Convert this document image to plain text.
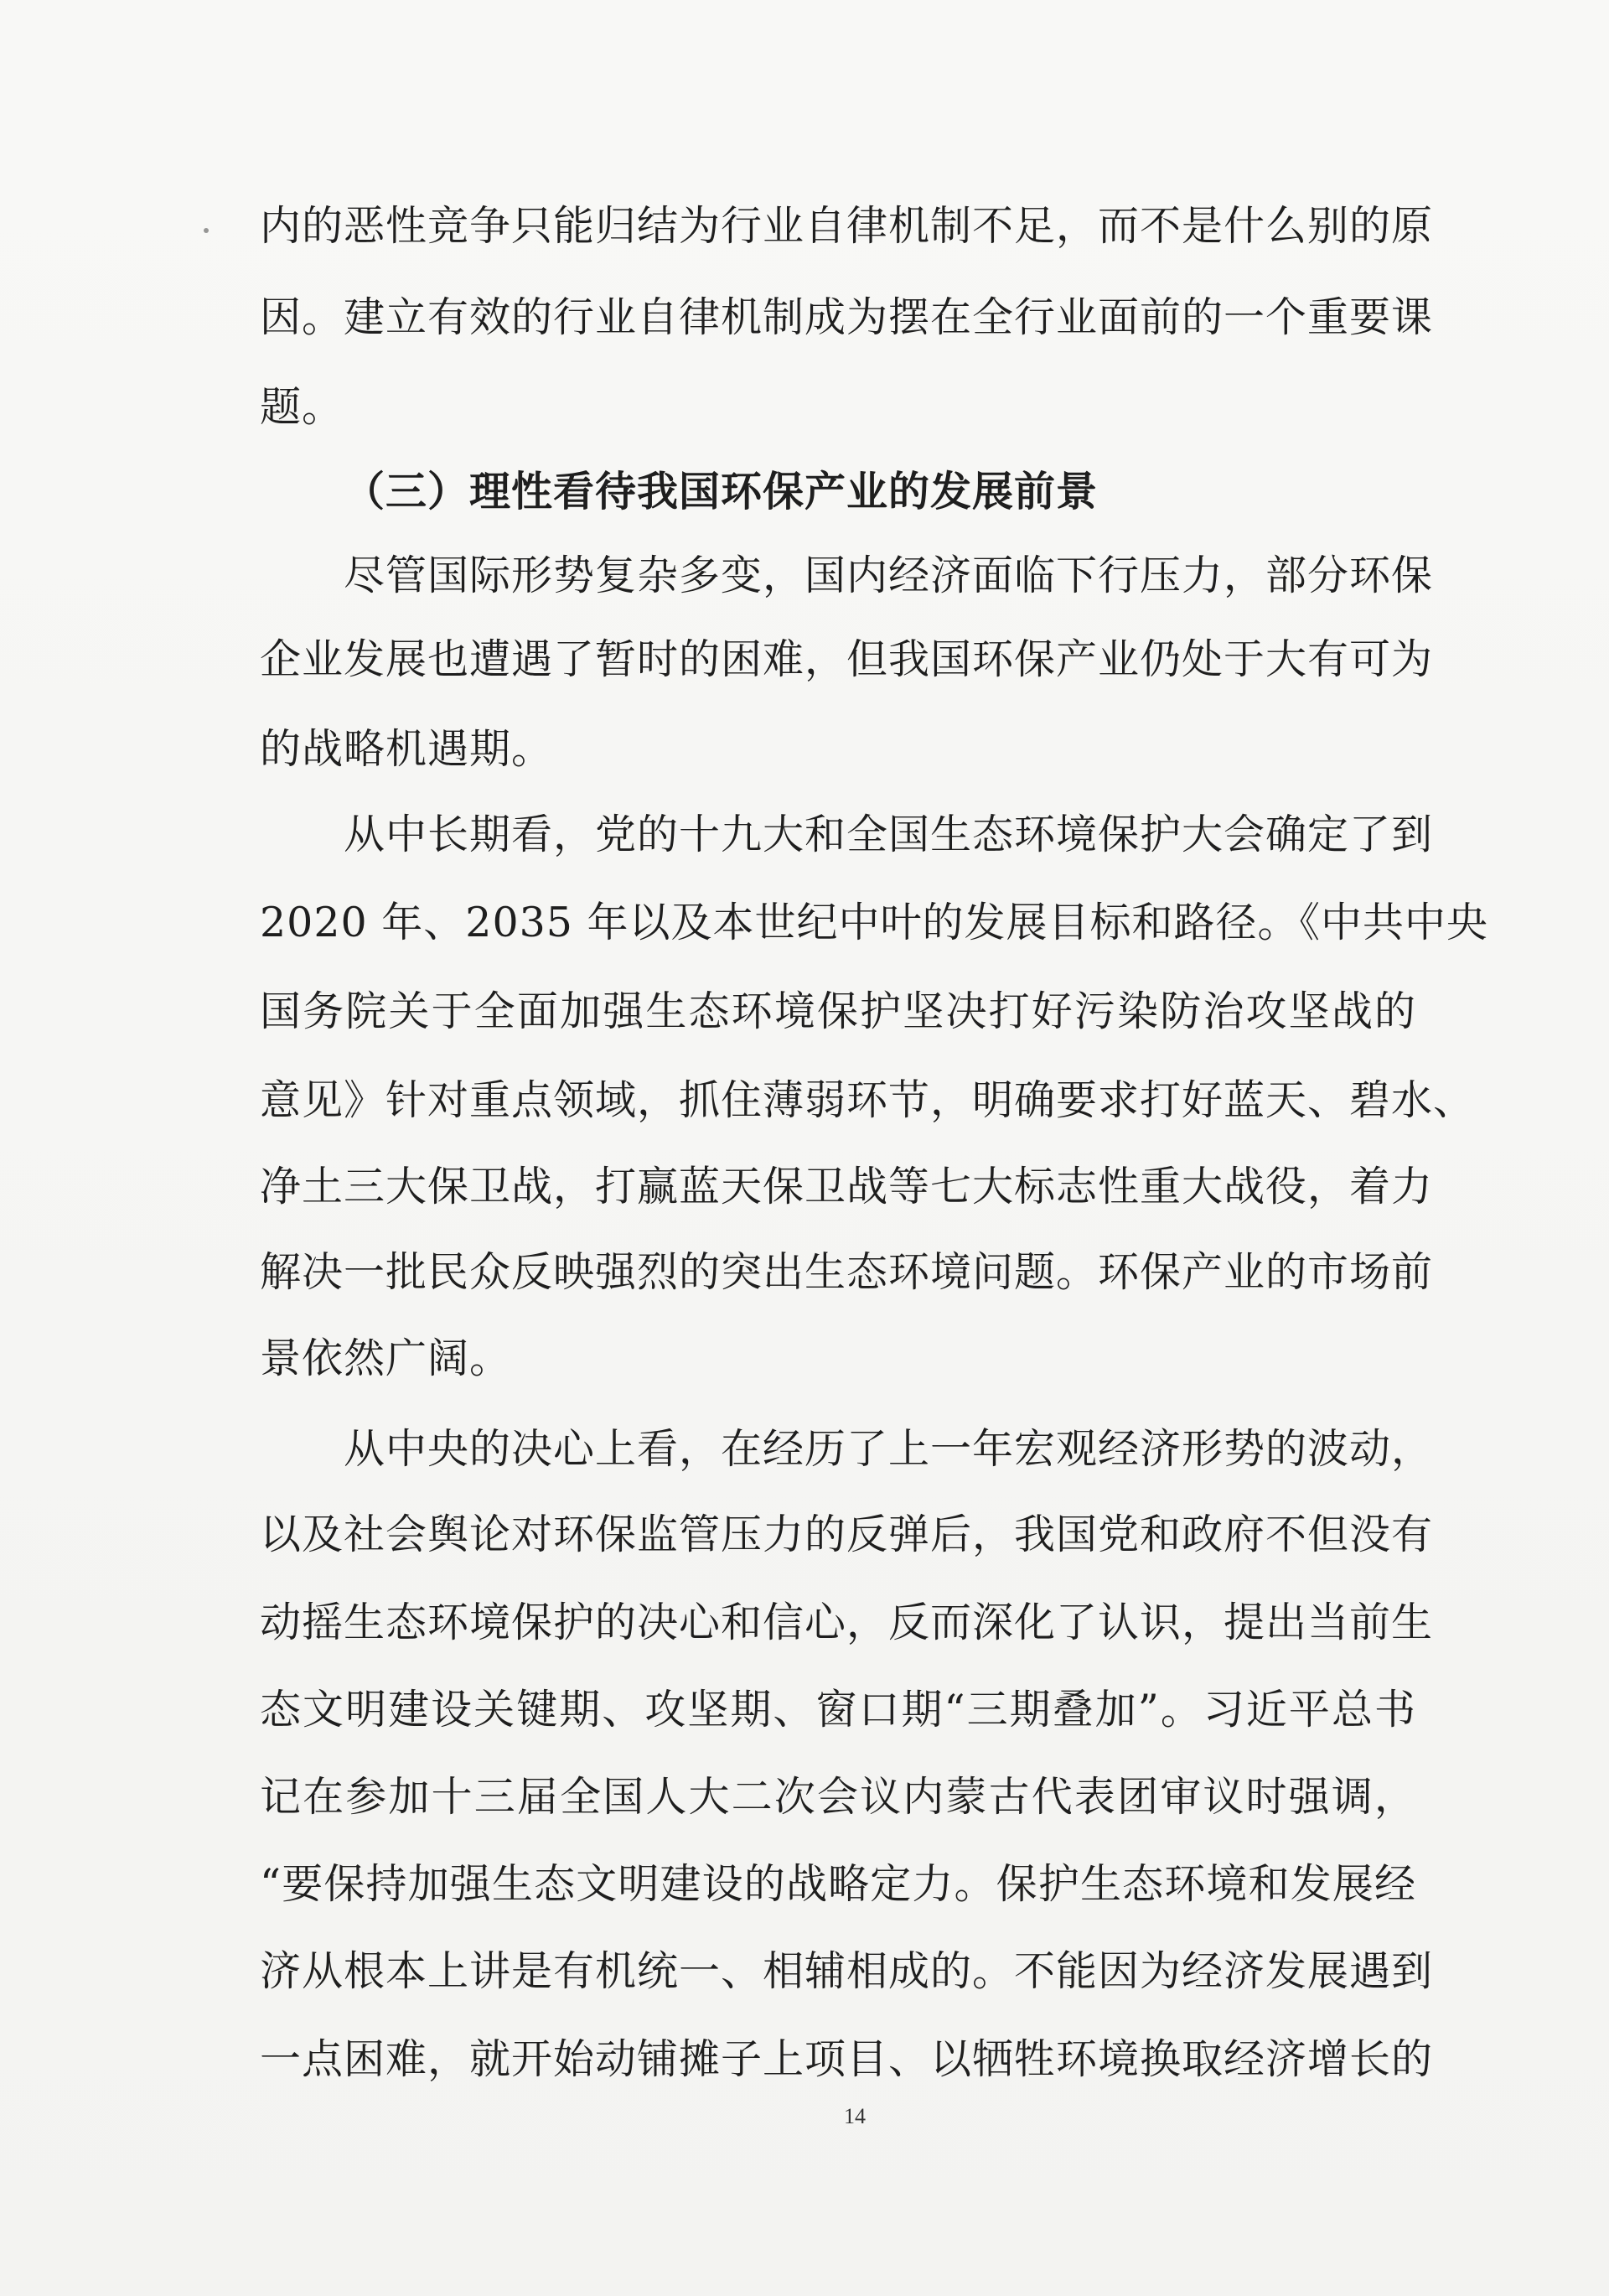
内的恶性竞争只能归结为行业自律机制不足，而不是什么别的原
因。建立有效的行业自律机制成为摆在全行业面前的一个重要课
题。
（三）理性看待我国环保产业的发展前景
尽管国际形势复杂多变，国内经济面临下行压力，部分环保
企业发展也遭遇了暂时的困难，但我国环保产业仍处于大有可为
的战略机遇期。
从中长期看，党的十九大和全国生态环境保护大会确定了到
2020 年、2035 年以及本世纪中叶的发展目标和路径。《中共中央
国务院关于全面加强生态环境保护坚决打好污染防治攻坚战的
意见》针对重点领域，抓住薄弱环节，明确要求打好蓝天、碧水、
净土三大保卫战，打赢蓝天保卫战等七大标志性重大战役，着力
解决一批民众反映强烈的突出生态环境问题。环保产业的市场前
景依然广阔。
从中央的决心上看，在经历了上一年宏观经济形势的波动，
以及社会舆论对环保监管压力的反弹后，我国党和政府不但没有
动摇生态环境保护的决心和信心，反而深化了认识，提出当前生
态文明建设关键期、攻坚期、窗口期“三期叠加”。习近平总书
记在参加十三届全国人大二次会议内蒙古代表团审议时强调，
“要保持加强生态文明建设的战略定力。保护生态环境和发展经
济从根本上讲是有机统一、相辅相成的。不能因为经济发展遇到
一点困难，就开始动铺摊子上项目、以牺牲环境换取经济增长的
14
